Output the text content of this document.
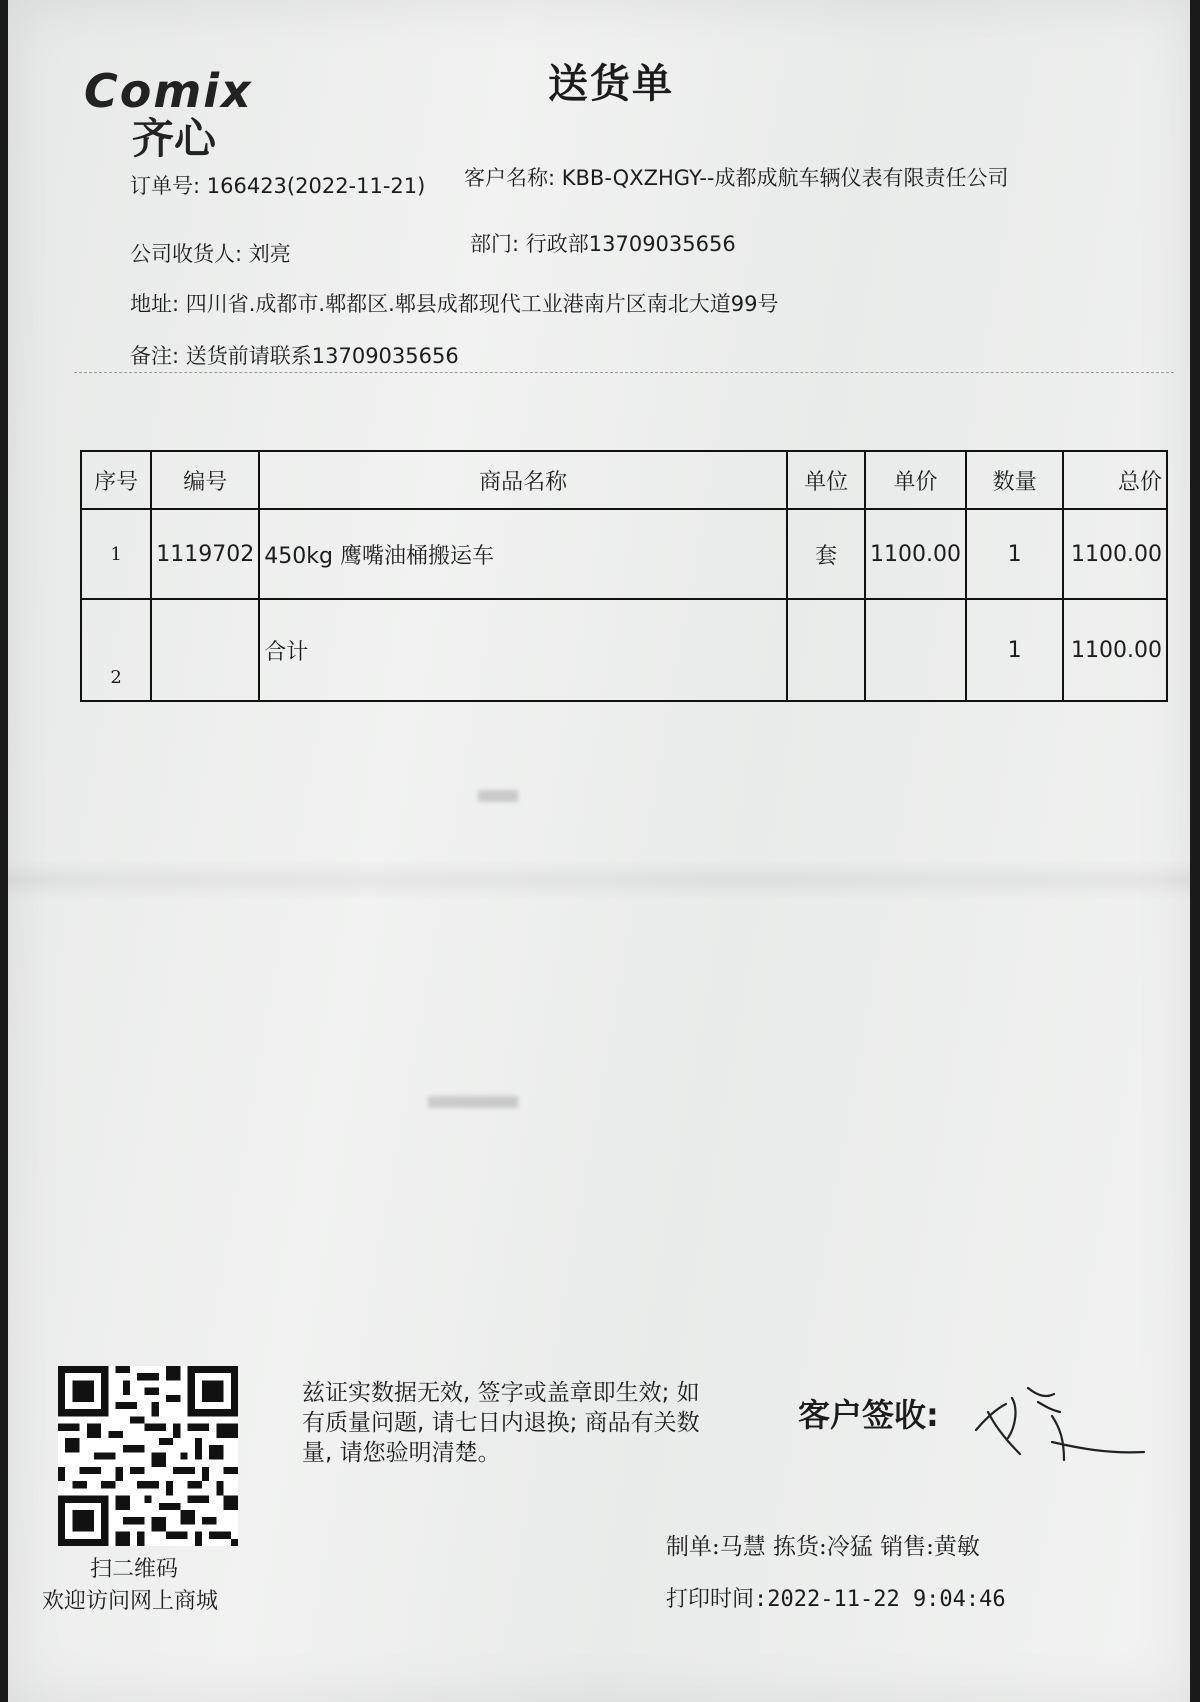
Comix
齐心
送货单
订单号: 166423(2022-11-21) 客户名称: KBB-QXZHGY--成都成航车辆仪表有限责任公司
公司收货人: 刘亮	部门: 行政部13709035656
地址: 四川省.成都市.郫都区.郫县成都现代工业港南片区南北大道99号
备注: 送货前请联系13709035656
序号	编号	商品名称	单位	单价	数量	总价
1	1119702	450kg 鹰嘴油桶搬运车	套	1100.00	1	1100.00
2		合计			1	1100.00
扫二维码
欢迎访问网上商城
兹证实数据无效, 签字或盖章即生效; 如有质量问题, 请七日内退换; 商品有关数量, 请您验明清楚。
客户签收:
制单:马慧 拣货:冷猛 销售:黄敏
打印时间:2022-11-22 9:04:46
